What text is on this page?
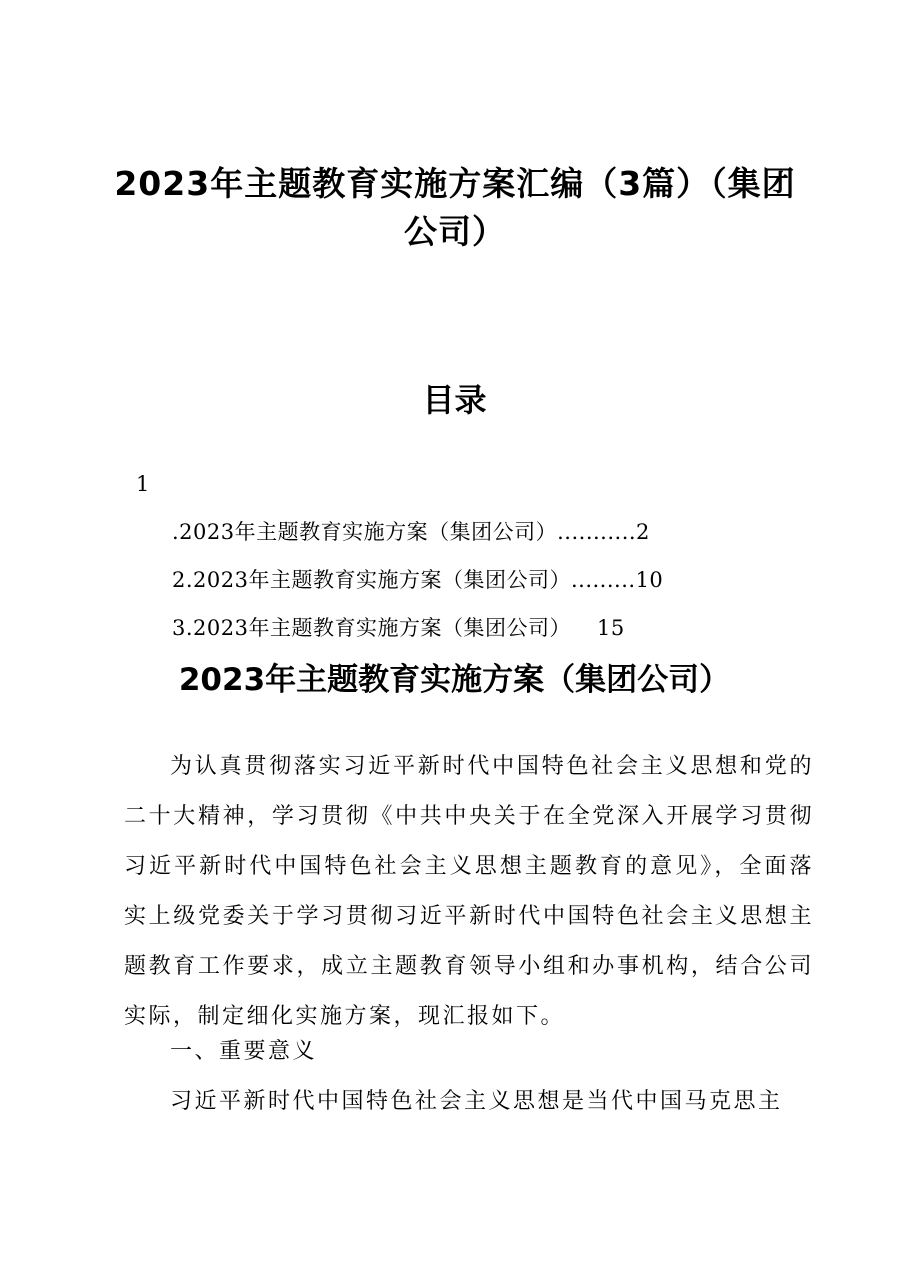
2023年主题教育实施方案汇编（3篇）（集团公司）
目录
1
.2023年主题教育实施方案（集团公司）...........2
2.2023年主题教育实施方案（集团公司）.........10
3.2023年主题教育实施方案（集团公司） 15
2023年主题教育实施方案（集团公司）

为认真贯彻落实习近平新时代中国特色社会主义思想和党的二十大精神，学习贯彻《中共中央关于在全党深入开展学习贯彻习近平新时代中国特色社会主义思想主题教育的意见》，全面落实上级党委关于学习贯彻习近平新时代中国特色社会主义思想主题教育工作要求，成立主题教育领导小组和办事机构，结合公司实际，制定细化实施方案，现汇报如下。

一、重要意义

习近平新时代中国特色社会主义思想是当代中国马克思主
